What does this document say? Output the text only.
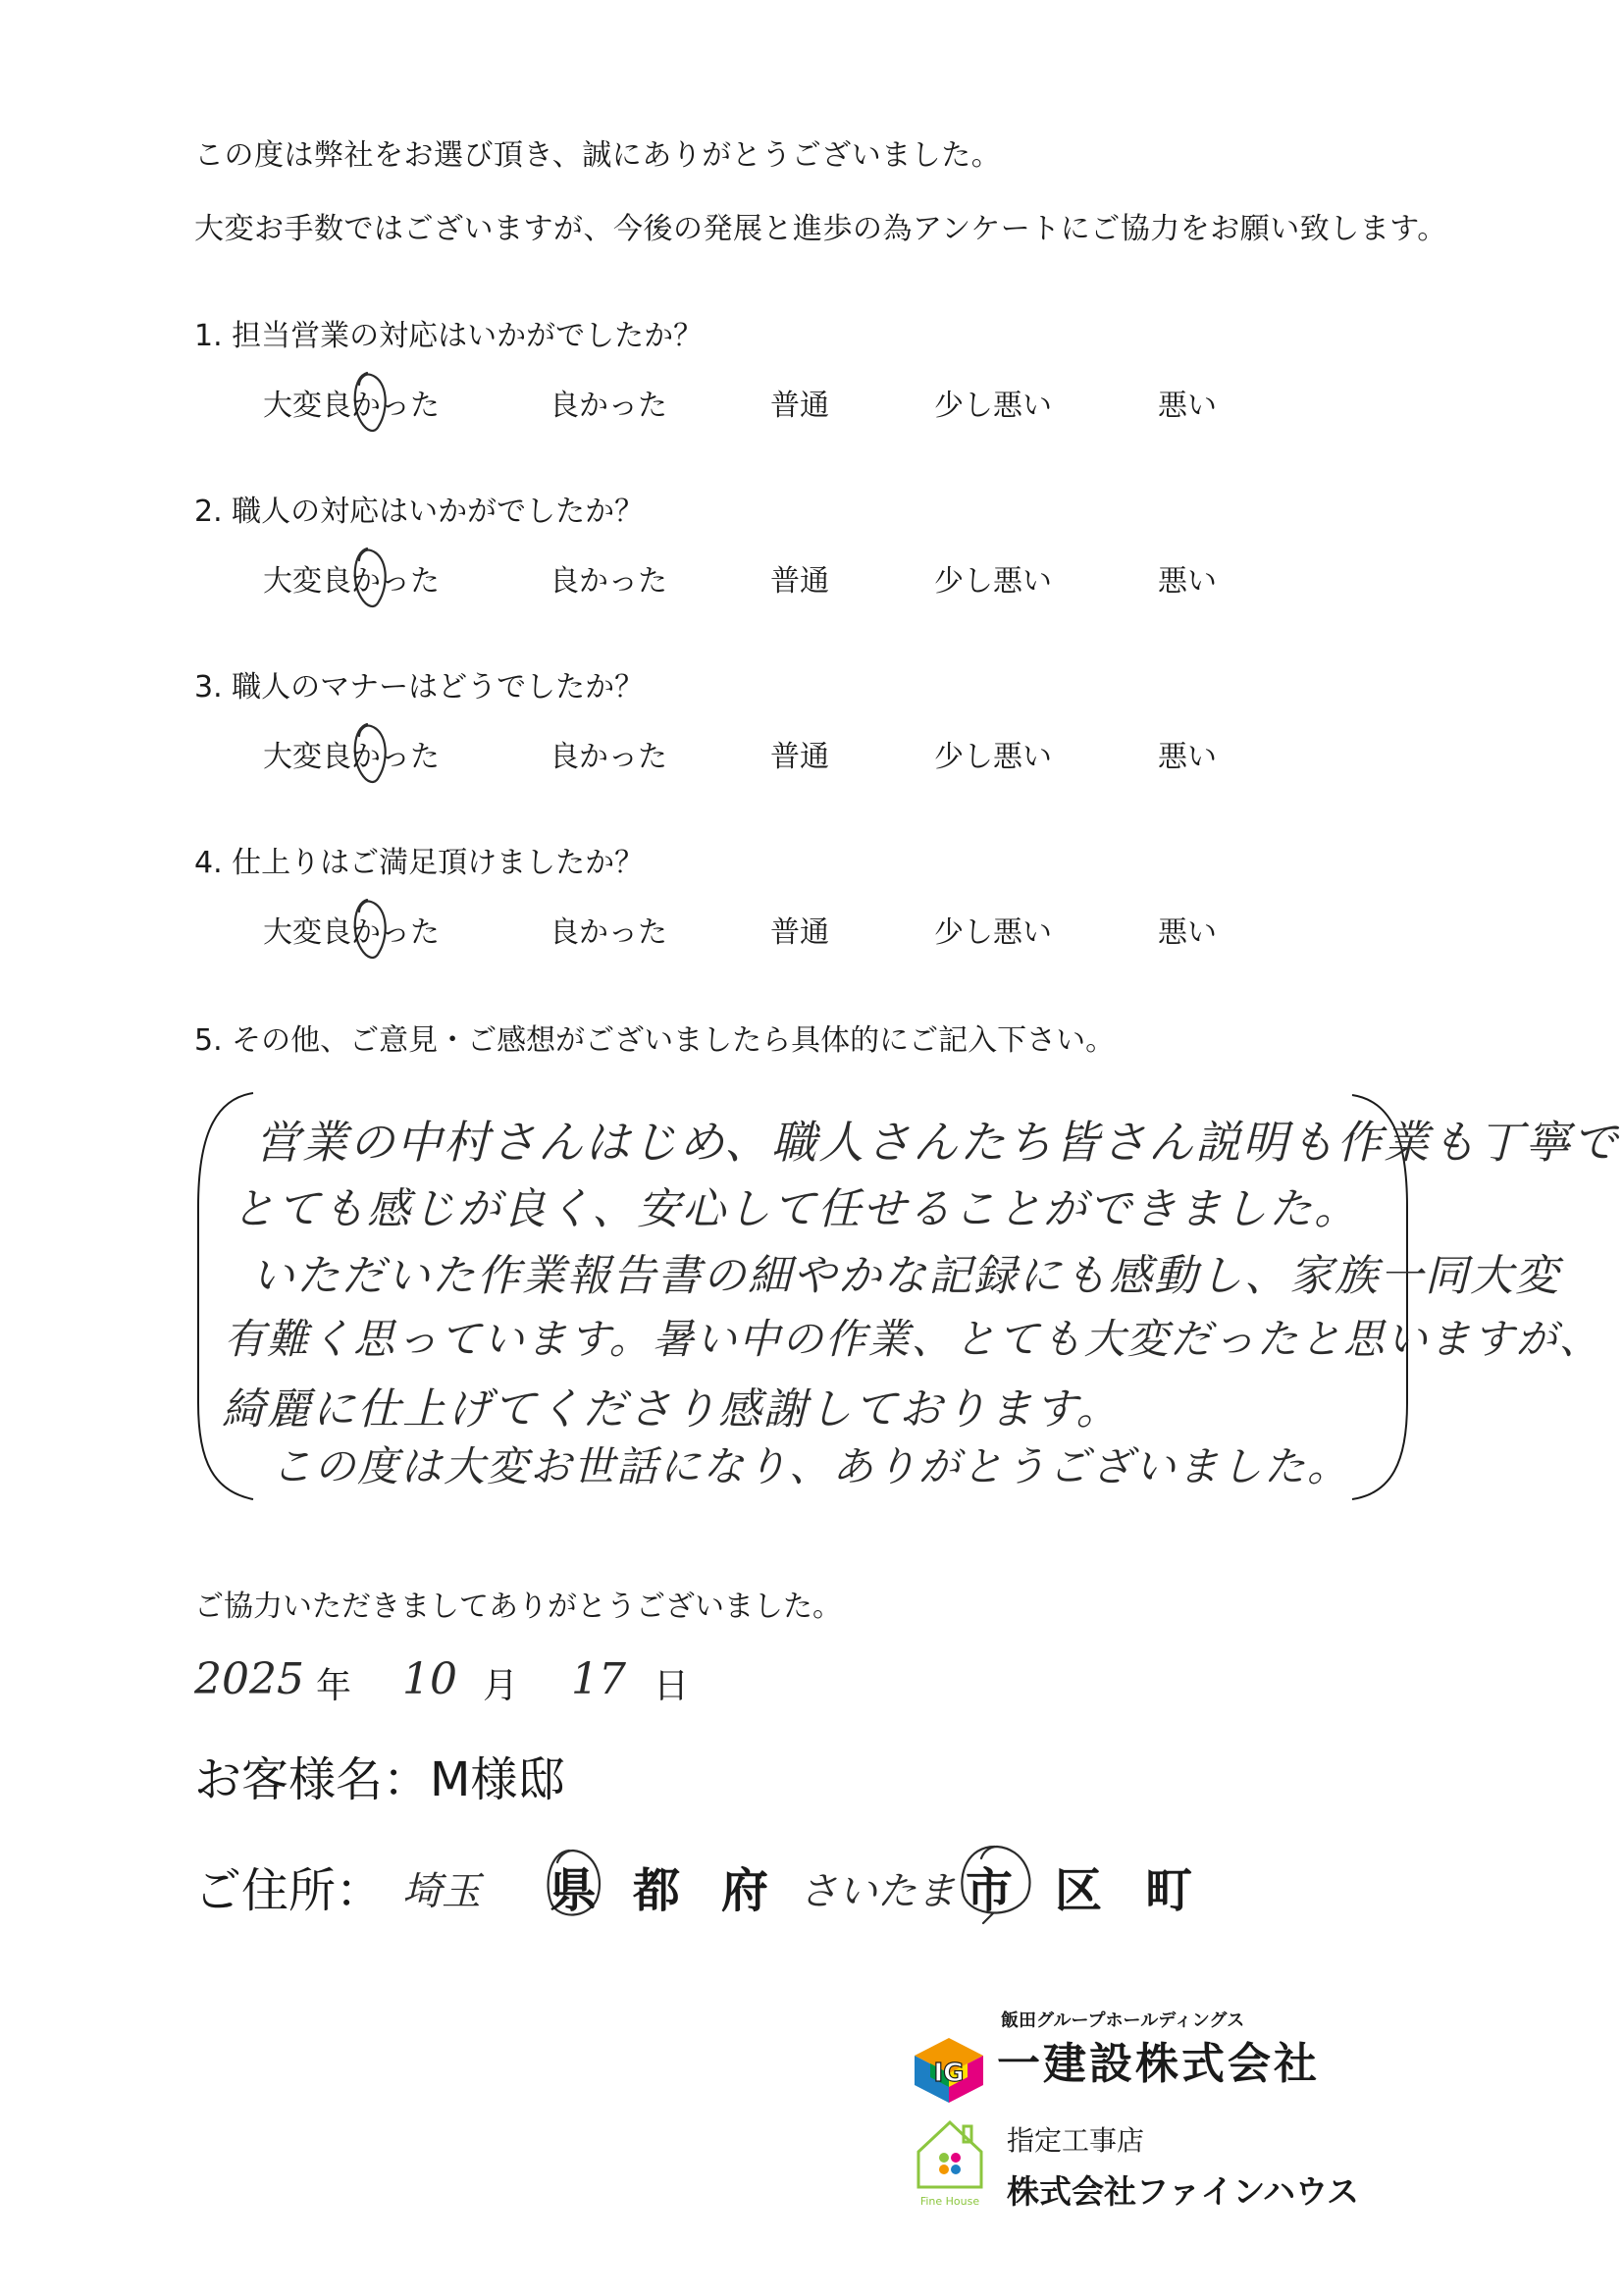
この度は弊社をお選び頂き、誠にありがとうございました。
大変お手数ではございますが、今後の発展と進歩の為アンケートにご協力をお願い致します。
1. 担当営業の対応はいかがでしたか？
大変良かった	良かった	普通	少し悪い	悪い
2. 職人の対応はいかがでしたか？
大変良かった	良かった	普通	少し悪い	悪い
3. 職人のマナーはどうでしたか？
大変良かった	良かった	普通	少し悪い	悪い
4. 仕上りはご満足頂けましたか？
大変良かった	良かった	普通	少し悪い	悪い
5. その他、ご意見・ご感想がございましたら具体的にご記入下さい。
営業の中村さんはじめ、職人さんたち皆さん説明も作業も丁寧で
とても感じが良く、安心して任せることができました。
いただいた作業報告書の細やかな記録にも感動し、家族一同大変
有難く思っています。暑い中の作業、とても大変だったと思いますが、
綺麗に仕上げてくださり感謝しております。
この度は大変お世話になり、ありがとうございました。
ご協力いただきましてありがとうございました。
2025 年 10 月 17 日
お客様名：M様邸
ご住所： 埼玉 県 都 府 さいたま 市 区 町
飯田グループホールディングス
IG 一建設株式会社
Fine House
指定工事店
株式会社ファインハウス
